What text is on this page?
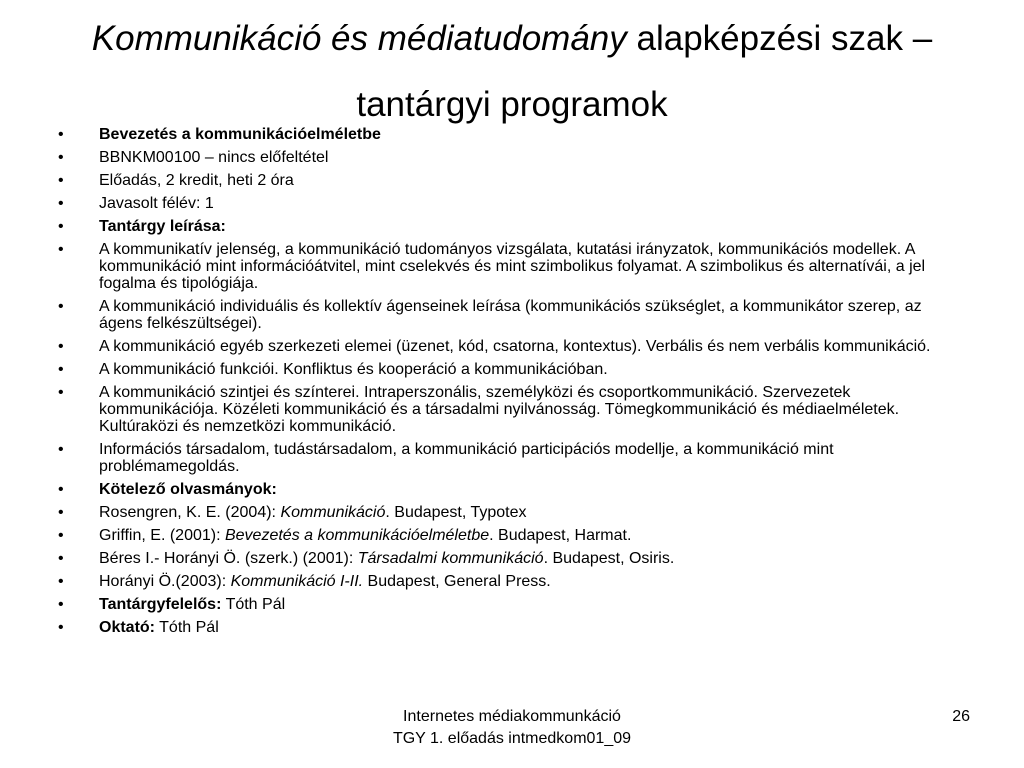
Kommunikáció és médiatudomány alapképzési szak – tantárgyi programok
• Bevezetés a kommunikációelméletbe
• BBNKM00100 – nincs előfeltétel
• Előadás, 2 kredit, heti 2 óra
• Javasolt félév: 1
• Tantárgy leírása:
• A kommunikatív jelenség, a kommunikáció tudományos vizsgálata, kutatási irányzatok, kommunikációs modellek. A kommunikáció mint információátvitel, mint cselekvés és mint szimbolikus folyamat. A szimbolikus és alternatívái, a jel fogalma és tipológiája.
• A kommunikáció individuális és kollektív ágenseinek leírása (kommunikációs szükséglet, a kommunikátor szerep, az ágens felkészültségei).
• A kommunikáció egyéb szerkezeti elemei (üzenet, kód, csatorna, kontextus). Verbális és nem verbális kommunikáció.
• A kommunikáció funkciói. Konfliktus és kooperáció a kommunikációban.
• A kommunikáció szintjei és színterei. Intraperszonális, személyközi és csoportkommunikáció. Szervezetek kommunikációja. Közéleti kommunikáció és a társadalmi nyilvánosság. Tömegkommunikáció és médiaelméletek. Kultúraközi és nemzetközi kommunikáció.
• Információs társadalom, tudástársadalom, a kommunikáció participációs modellje, a kommunikáció mint problémamegoldás.
• Kötelező olvasmányok:
• Rosengren, K. E. (2004): Kommunikáció. Budapest, Typotex
• Griffin, E. (2001): Bevezetés a kommunikációelméletbe. Budapest, Harmat.
• Béres I.- Horányi Ö. (szerk.) (2001): Társadalmi kommunikáció. Budapest, Osiris.
• Horányi Ö.(2003): Kommunikáció I-II. Budapest, General Press.
• Tantárgyfelelős: Tóth Pál
• Oktató: Tóth Pál
Internetes médiakommunkáció
TGY 1. előadás intmedkom01_09
26
